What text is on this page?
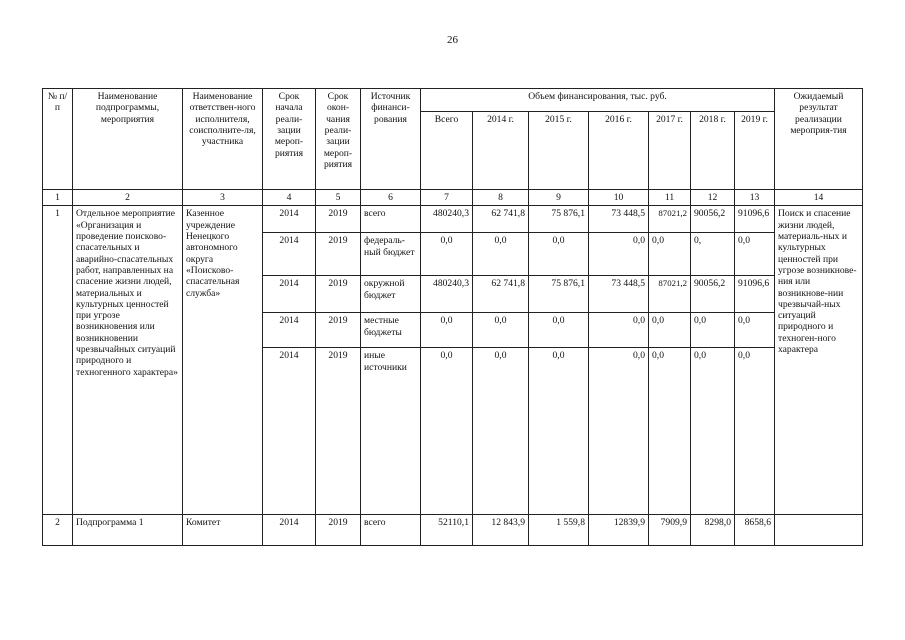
26
№ п/п	Наименование подпрограммы, мероприятия	Наименование ответствен-ного исполнителя, соисполните-ля, участника	Срок начала реали-зации мероп-риятия	Срок окон-чания реали-зации мероп-риятия	Источник финанси-рования	Объем финансирования, тыс. руб.							Ожидаемый результат реализации мероприя-тия
						Всего	2014 г.	2015 г.	2016 г.	2017 г.	2018 г.	2019 г.	
1	2	3	4	5	6	7	8	9	10	11	12	13	14
1	Отдельное мероприятие «Организация и проведение поисково-спасательных и аварийно-спасательных работ, направленных на спасение жизни людей, материальных и культурных ценностей при угрозе возникновения или возникновении чрезвычайных ситуаций природного и техногенного характера»	Казенное учреждение Ненецкого автономного округа «Поисково-спасательная служба»	2014	2019	всего	480240,3	62 741,8	75 876,1	73 448,5	87021,2	90056,2	91096,6	Поиск и спасение жизни людей, материаль-ных и культурных ценностей при угрозе возникнове-ния или возникнове-нии чрезвычай-ных ситуаций природного и техноген-ного характера
			2014	2019	федераль-ный бюджет	0,0	0,0	0,0	0,0	0,0	0,	0,0	
			2014	2019	окружной бюджет	480240,3	62 741,8	75 876,1	73 448,5	87021,2	90056,2	91096,6	
			2014	2019	местные бюджеты	0,0	0,0	0,0	0,0	0,0	0,0	0,0	
			2014	2019	иные источники	0,0	0,0	0,0	0,0	0,0	0,0	0,0	
2	Подпрограмма 1	Комитет	2014	2019	всего	52110,1	12 843,9	1 559,8	12839,9	7909,9	8298,0	8658,6	
